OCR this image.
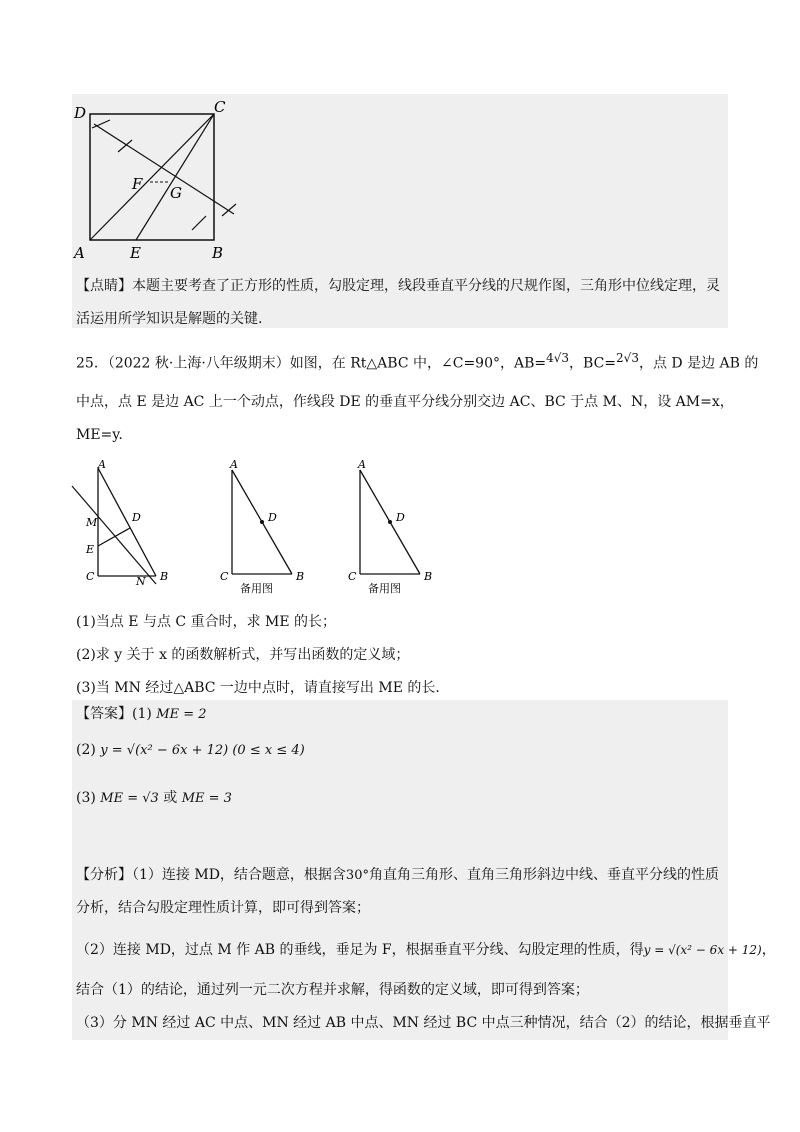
D	C
A	E	B
F G
【点睛】本题主要考查了正方形的性质，勾股定理，线段垂直平分线的尺规作图，三角形中位线定理，灵
活运用所学知识是解题的关键.
25．（2022 秋·上海·八年级期末）如图，在 Rt△ABC 中，∠C=90°，AB=$^{4√3}$，BC=$^{2√3}$，点 D 是边 AB 的
中点，点 E 是边 AC 上一个动点，作线段 DE 的垂直平分线分别交边 AC、BC 于点 M、N，设 AM=x，
ME=y.
A
D
M
E
C	N B
A
D
C	B
备用图
A
D
C	B
备用图
(1)当点 E 与点 C 重合时，求 ME 的长；
(2)求 y 关于 x 的函数解析式，并写出函数的定义域；
(3)当 MN 经过△ABC 一边中点时，请直接写出 ME 的长.
【答案】(1) ME = 2
(2) y = √(x² − 6x + 12) (0 ≤ x ≤ 4)
(3) ME = √3 或 ME = 3
【分析】（1）连接 MD，结合题意，根据含30°角直角三角形、直角三角形斜边中线、垂直平分线的性质
分析，结合勾股定理性质计算，即可得到答案；
（2）连接 MD，过点 M 作 AB 的垂线，垂足为 F，根据垂直平分线、勾股定理的性质，得y = √(x² − 6x + 12)，
结合（1）的结论，通过列一元二次方程并求解，得函数的定义域，即可得到答案；
（3）分 MN 经过 AC 中点、MN 经过 AB 中点、MN 经过 BC 中点三种情况，结合（2）的结论，根据垂直平
